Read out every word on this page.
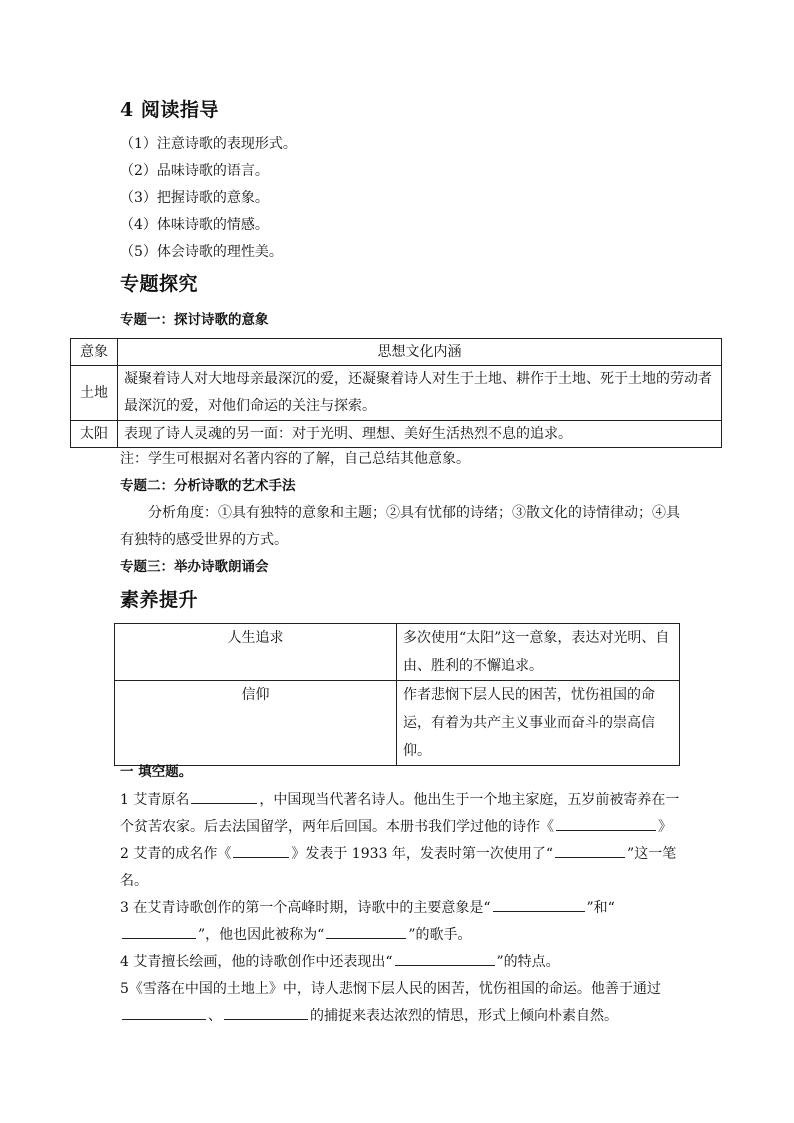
4 阅读指导
（1）注意诗歌的表现形式。
（2）品味诗歌的语言。
（3）把握诗歌的意象。
（4）体味诗歌的情感。
（5）体会诗歌的理性美。
专题探究
专题一：探讨诗歌的意象
意象	思想文化内涵
土地	凝聚着诗人对大地母亲最深沉的爱，还凝聚着诗人对生于土地、耕作于土地、死于土地的劳动者最深沉的爱，对他们命运的关注与探索。
太阳	表现了诗人灵魂的另一面：对于光明、理想、美好生活热烈不息的追求。
注：学生可根据对名著内容的了解，自己总结其他意象。
专题二：分析诗歌的艺术手法
分析角度：①具有独特的意象和主题；②具有忧郁的诗绪；③散文化的诗情律动；④具有独特的感受世界的方式。
专题三：举办诗歌朗诵会
素养提升
人生追求	多次使用“太阳”这一意象，表达对光明、自由、胜利的不懈追求。
信仰	作者悲悯下层人民的困苦，忧伤祖国的命运，有着为共产主义事业而奋斗的崇高信仰。
一 填空题。
1 艾青原名	，中国现当代著名诗人。他出生于一个地主家庭，五岁前被寄养在一个贫苦农家。后去法国留学，两年后回国。本册书我们学过他的诗作《	》
2 艾青的成名作《	》发表于 1933 年，发表时第一次使用了“	”这一笔名。
3 在艾青诗歌创作的第一个高峰时期，诗歌中的主要意象是“	”和“”，他也因此被称为“	”的歌手。
4 艾青擅长绘画，他的诗歌创作中还表现出“	”的特点。
5《雪落在中国的土地上》中，诗人悲悯下层人民的困苦，忧伤祖国的命运。他善于通过、	的捕捉来表达浓烈的情思，形式上倾向朴素自然。
